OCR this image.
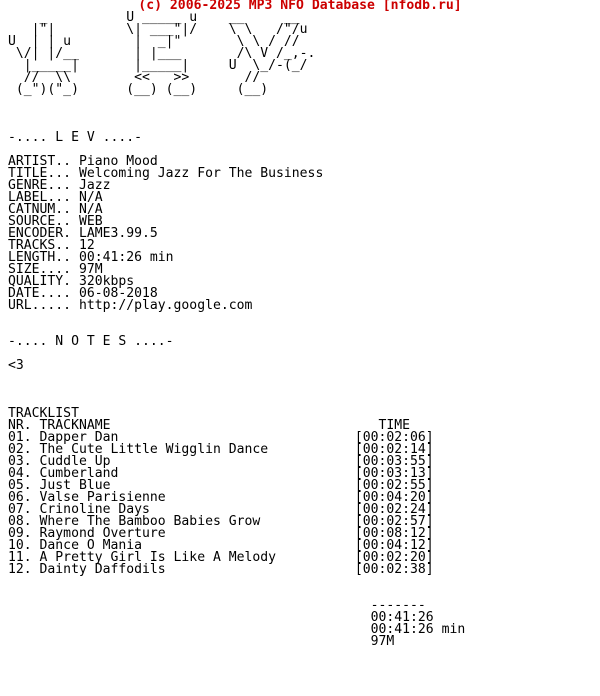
(c) 2006-2025 MP3 NFO Database [nfodb.ru]
_          U _____ u    __     __
|"|         \| ___"|/    \ \   /"/u
U  | | u        |  _|"       \ \ / //
\/| |/__       | |___       /\ V /_,-.
|_____|       |_____|     U  \_/-(_/
//  \\        <<   >>       //
(_")("_)      (__) (__)     (__)
-.... L E V ....-
ARTIST.. Piano Mood
TITLE... Welcoming Jazz For The Business
GENRE... Jazz
LABEL... N/A
CATNUM.. N/A
SOURCE.. WEB
ENCODER. LAME3.99.5
TRACKS.. 12
LENGTH.. 00:41:26 min
SIZE.... 97M
QUALITY. 320kbps
DATE.... 06-08-2018
URL..... http://play.google.com
-.... N O T E S ....-
<3
TRACKLIST
NR. TRACKNAME                                  TIME
01. Dapper Dan                              [00:02:06]
02. The Cute Little Wigglin Dance           [00:02:14]
03. Cuddle Up                               [00:03:55]
04. Cumberland                              [00:03:13]
05. Just Blue                               [00:02:55]
06. Valse Parisienne                        [00:04:20]
07. Crinoline Days                          [00:02:24]
08. Where The Bamboo Babies Grow            [00:02:57]
09. Raymond Overture                        [00:08:12]
10. Dance O Mania                           [00:04:12]
11. A Pretty Girl Is Like A Melody          [00:02:20]
12. Dainty Daffodils                        [00:02:38]
-------
00:41:26
00:41:26 min
97M
